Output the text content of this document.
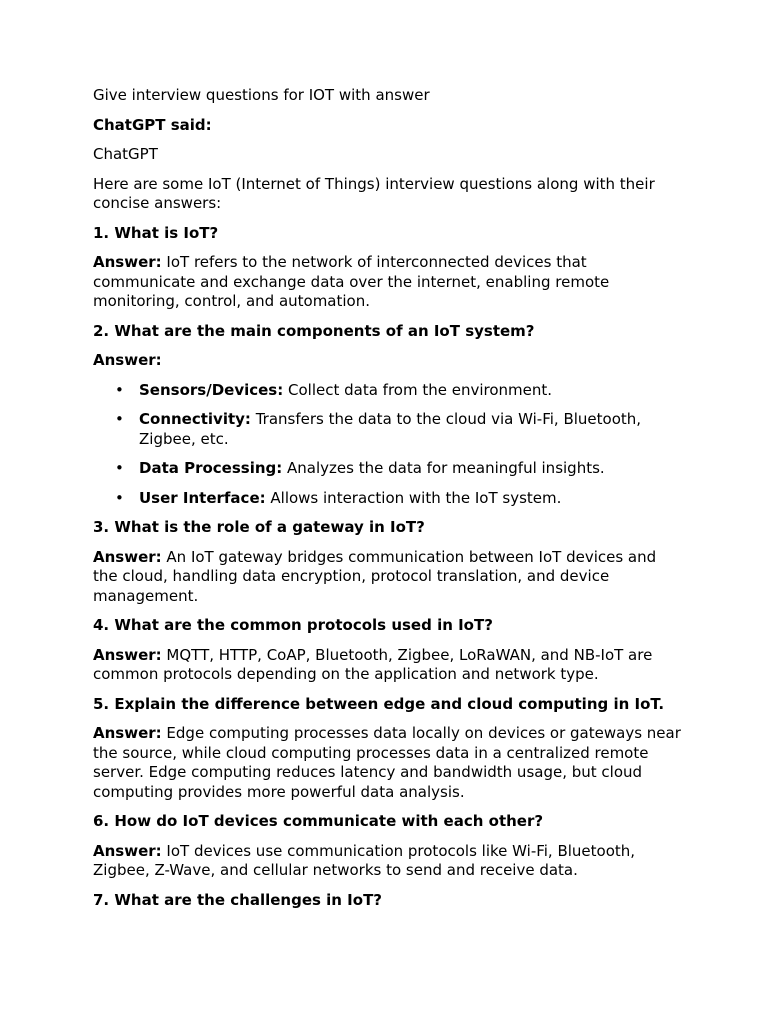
Give interview questions for IOT with answer

ChatGPT said:

ChatGPT

Here are some IoT (Internet of Things) interview questions along with their concise answers:

1. What is IoT?

Answer: IoT refers to the network of interconnected devices that communicate and exchange data over the internet, enabling remote monitoring, control, and automation.

2. What are the main components of an IoT system?

Answer:

• Sensors/Devices: Collect data from the environment.
• Connectivity: Transfers the data to the cloud via Wi-Fi, Bluetooth, Zigbee, etc.
• Data Processing: Analyzes the data for meaningful insights.
• User Interface: Allows interaction with the IoT system.

3. What is the role of a gateway in IoT?

Answer: An IoT gateway bridges communication between IoT devices and the cloud, handling data encryption, protocol translation, and device management.

4. What are the common protocols used in IoT?

Answer: MQTT, HTTP, CoAP, Bluetooth, Zigbee, LoRaWAN, and NB-IoT are common protocols depending on the application and network type.

5. Explain the difference between edge and cloud computing in IoT.

Answer: Edge computing processes data locally on devices or gateways near the source, while cloud computing processes data in a centralized remote server. Edge computing reduces latency and bandwidth usage, but cloud computing provides more powerful data analysis.

6. How do IoT devices communicate with each other?

Answer: IoT devices use communication protocols like Wi-Fi, Bluetooth, Zigbee, Z-Wave, and cellular networks to send and receive data.

7. What are the challenges in IoT?
